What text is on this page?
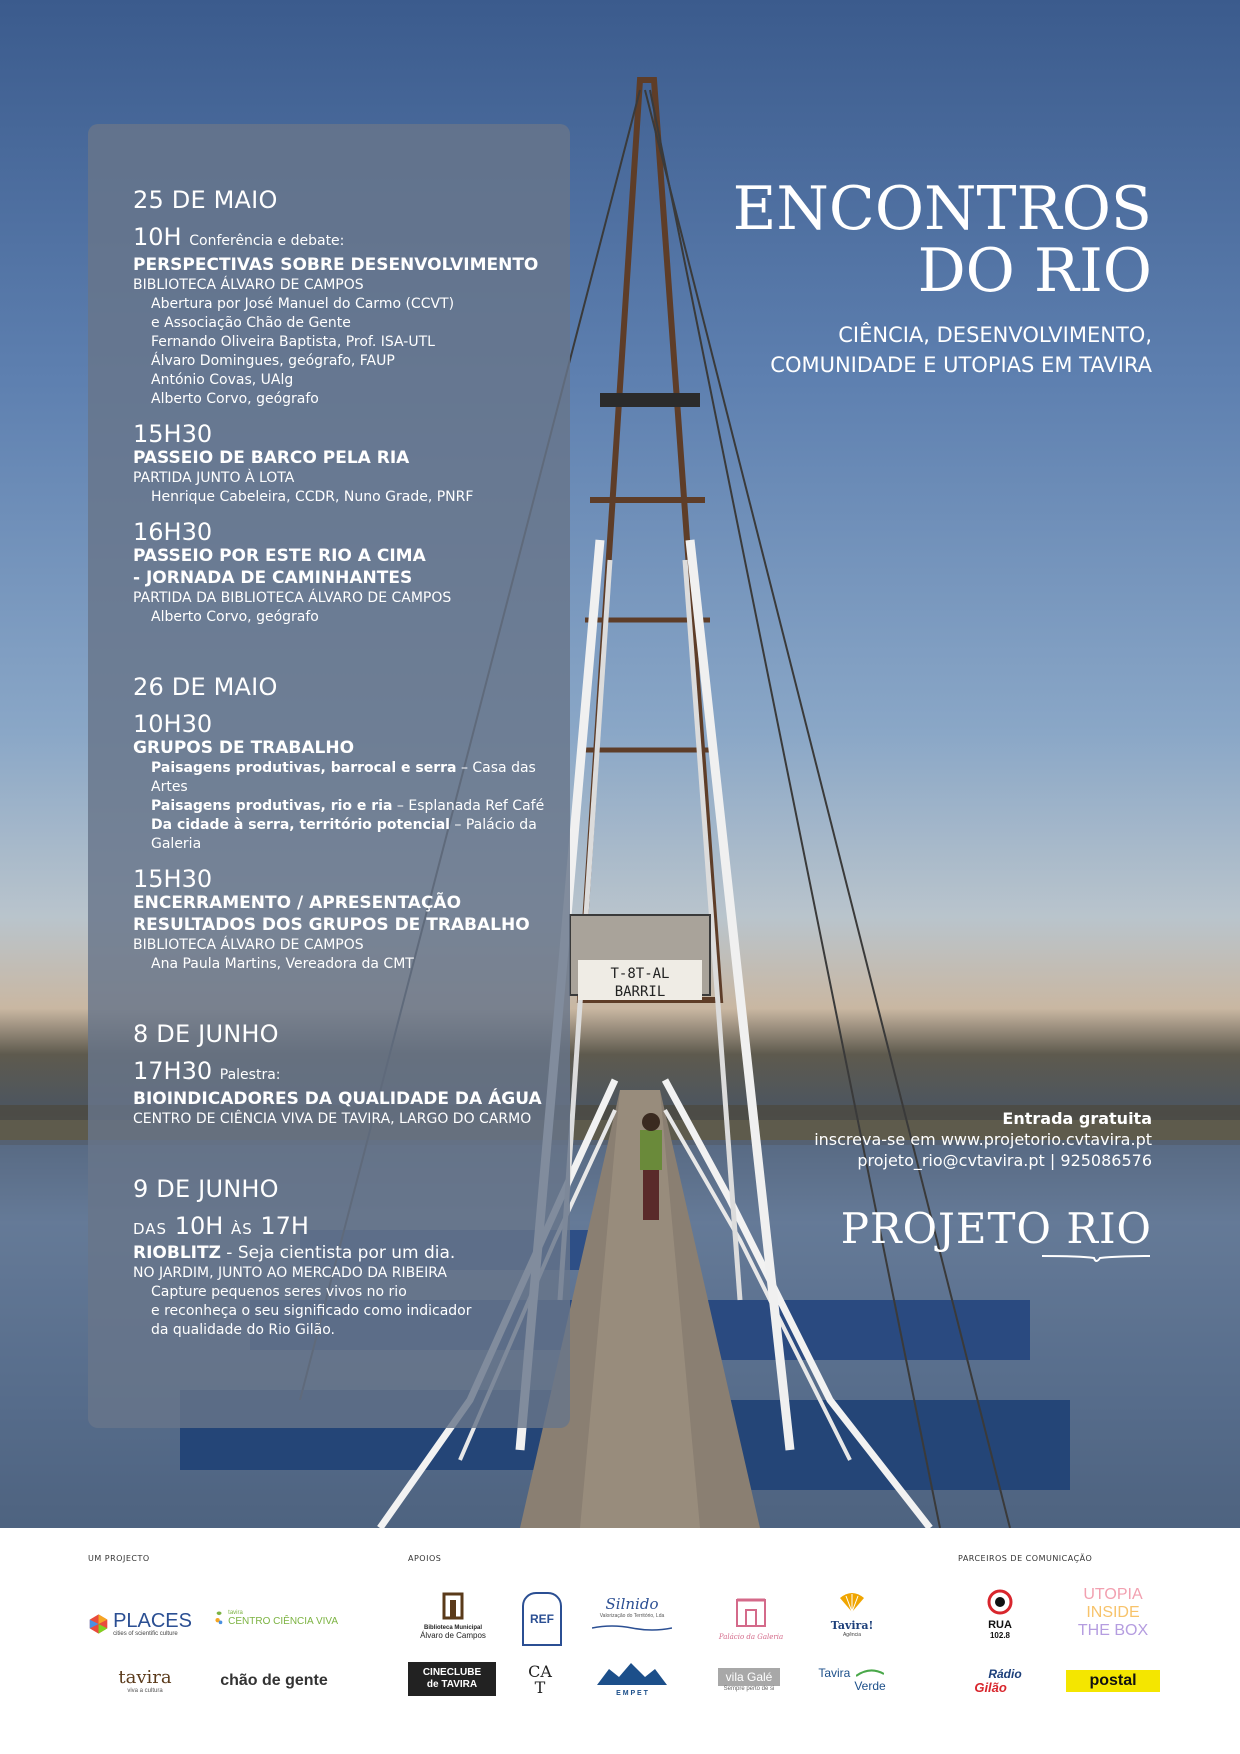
T-8T-AL
BARRIL
25 DE MAIO
10H Conferência e debate:
PERSPECTIVAS SOBRE DESENVOLVIMENTO
BIBLIOTECA ÁLVARO DE CAMPOS
Abertura por José Manuel do Carmo (CCVT)
e Associação Chão de Gente
Fernando Oliveira Baptista, Prof. ISA-UTL
Álvaro Domingues, geógrafo, FAUP
António Covas, UAlg
Alberto Corvo, geógrafo
15H30
PASSEIO DE BARCO PELA RIA
PARTIDA JUNTO À LOTA
Henrique Cabeleira, CCDR, Nuno Grade, PNRF
16H30
PASSEIO POR ESTE RIO A CIMA
- JORNADA DE CAMINHANTES
PARTIDA DA BIBLIOTECA ÁLVARO DE CAMPOS
Alberto Corvo, geógrafo
26 DE MAIO
10H30
GRUPOS DE TRABALHO
Paisagens produtivas, barrocal e serra – Casa das Artes
Paisagens produtivas, rio e ria – Esplanada Ref Café
Da cidade à serra, território potencial – Palácio da Galeria
15H30
ENCERRAMENTO / APRESENTAÇÃO
RESULTADOS DOS GRUPOS DE TRABALHO
BIBLIOTECA ÁLVARO DE CAMPOS
Ana Paula Martins, Vereadora da CMT
8 DE JUNHO
17H30 Palestra:
BIOINDICADORES DA QUALIDADE DA ÁGUA
CENTRO DE CIÊNCIA VIVA DE TAVIRA, LARGO DO CARMO
9 DE JUNHO
DAS 10H ÀS 17H
RIOBLITZ - Seja cientista por um dia.
NO JARDIM, JUNTO AO MERCADO DA RIBEIRA
Capture pequenos seres vivos no rio
e reconheça o seu significado como indicador
da qualidade do Rio Gilão.
ENCONTROS
DO RIO
CIÊNCIA, DESENVOLVIMENTO,
COMUNIDADE E UTOPIAS EM TAVIRA
Entrada gratuita
inscreva-se em www.projetorio.cvtavira.pt
projeto_rio@cvtavira.pt | 925086576
PROJETO RIO
UM PROJECTO	APOIOS	PARCEIROS DE COMUNICAÇÃO
PLACES
cities of scientific culture
tavira
CENTRO CIÊNCIA VIVA
tavira
viva a cultura
chão de gente
Biblioteca Municipal
Álvaro de Campos
CINECLUBE
de TAVIRA
REF
CA
T
Silnido
Valorização do Território, Lda
E M P E T
Palácio da Galeria
vila Galé
Sempre perto de si
Tavira!
Agência
Tavira
Verde
RUA
102.8
Rádio
Gilão
UTOPIA
INSIDE
THE BOX
postal
